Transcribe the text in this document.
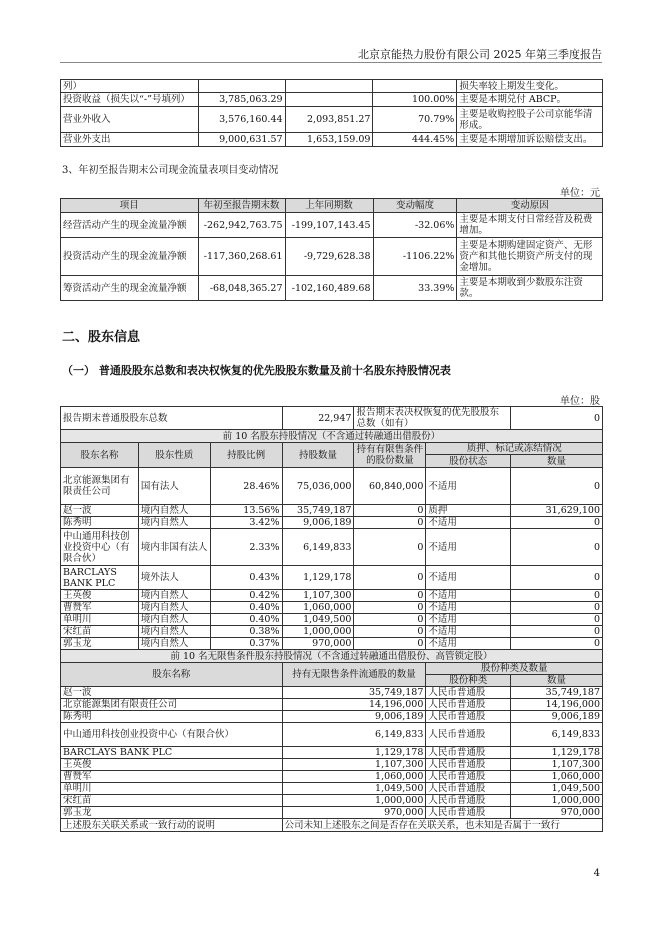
北京京能热力股份有限公司 2025 年第三季度报告
列）				损失率较上期发生变化。
投资收益（损失以“-”号填列）	3,785,063.29		100.00%	主要是本期兑付 ABCP。
营业外收入	3,576,160.44	2,093,851.27	70.79%	主要是收购控股子公司京能华清形成。
营业外支出	9,000,631.57	1,653,159.09	444.45%	主要是本期增加诉讼赔偿支出。
3、年初至报告期末公司现金流量表项目变动情况
单位：元
项目	年初至报告期末数	上年同期数	变动幅度	变动原因
经营活动产生的现金流量净额	-262,942,763.75	-199,107,143.45	-32.06%	主要是本期支付日常经营及税费增加。
投资活动产生的现金流量净额	-117,360,268.61	-9,729,628.38	-1106.22%	主要是本期购建固定资产、无形资产和其他长期资产所支付的现金增加。
筹资活动产生的现金流量净额	-68,048,365.27	-102,160,489.68	33.39%	主要是本期收到少数股东注资款。
二、股东信息
（一） 普通股股东总数和表决权恢复的优先股股东数量及前十名股东持股情况表
单位：股
报告期末普通股股东总数			22,947	报告期末表决权恢复的优先股股东总数（如有）		0
前 10 名股东持股情况（不含通过转融通出借股份）						
股东名称	股东性质	持股比例	持股数量	持有有限售条件的股份数量	质押、标记或冻结情况	
					股份状态	数量
北京能源集团有限责任公司	国有法人	28.46%	75,036,000	60,840,000	不适用	0
赵一波	境内自然人	13.56%	35,749,187	0	质押	31,629,100
陈秀明	境内自然人	3.42%	9,006,189	0	不适用	0
中山通用科技创业投资中心（有限合伙）	境内非国有法人	2.33%	6,149,833	0	不适用	0
BARCLAYS BANK PLC	境外法人	0.43%	1,129,178	0	不适用	0
王英俊	境内自然人	0.42%	1,107,300	0	不适用	0
曹赞军	境内自然人	0.40%	1,060,000	0	不适用	0
单明川	境内自然人	0.40%	1,049,500	0	不适用	0
宋红苗	境内自然人	0.38%	1,000,000	0	不适用	0
郭玉龙	境内自然人	0.37%	970,000	0	不适用	0
前 10 名无限售条件股东持股情况（不含通过转融通出借股份、高管锁定股）						
股东名称			持有无限售条件流通股的数量		股份种类及数量	
					股份种类	数量
赵一波			35,749,187		人民币普通股	35,749,187
北京能源集团有限责任公司			14,196,000		人民币普通股	14,196,000
陈秀明			9,006,189		人民币普通股	9,006,189
中山通用科技创业投资中心（有限合伙）			6,149,833		人民币普通股	6,149,833
BARCLAYS BANK PLC			1,129,178		人民币普通股	1,129,178
王英俊			1,107,300		人民币普通股	1,107,300
曹赞军			1,060,000		人民币普通股	1,060,000
单明川			1,049,500		人民币普通股	1,049,500
宋红苗			1,000,000		人民币普通股	1,000,000
郭玉龙			970,000		人民币普通股	970,000
上述股东关联关系或一致行动的说明			公司未知上述股东之间是否存在关联关系，也未知是否属于一致行			
4
